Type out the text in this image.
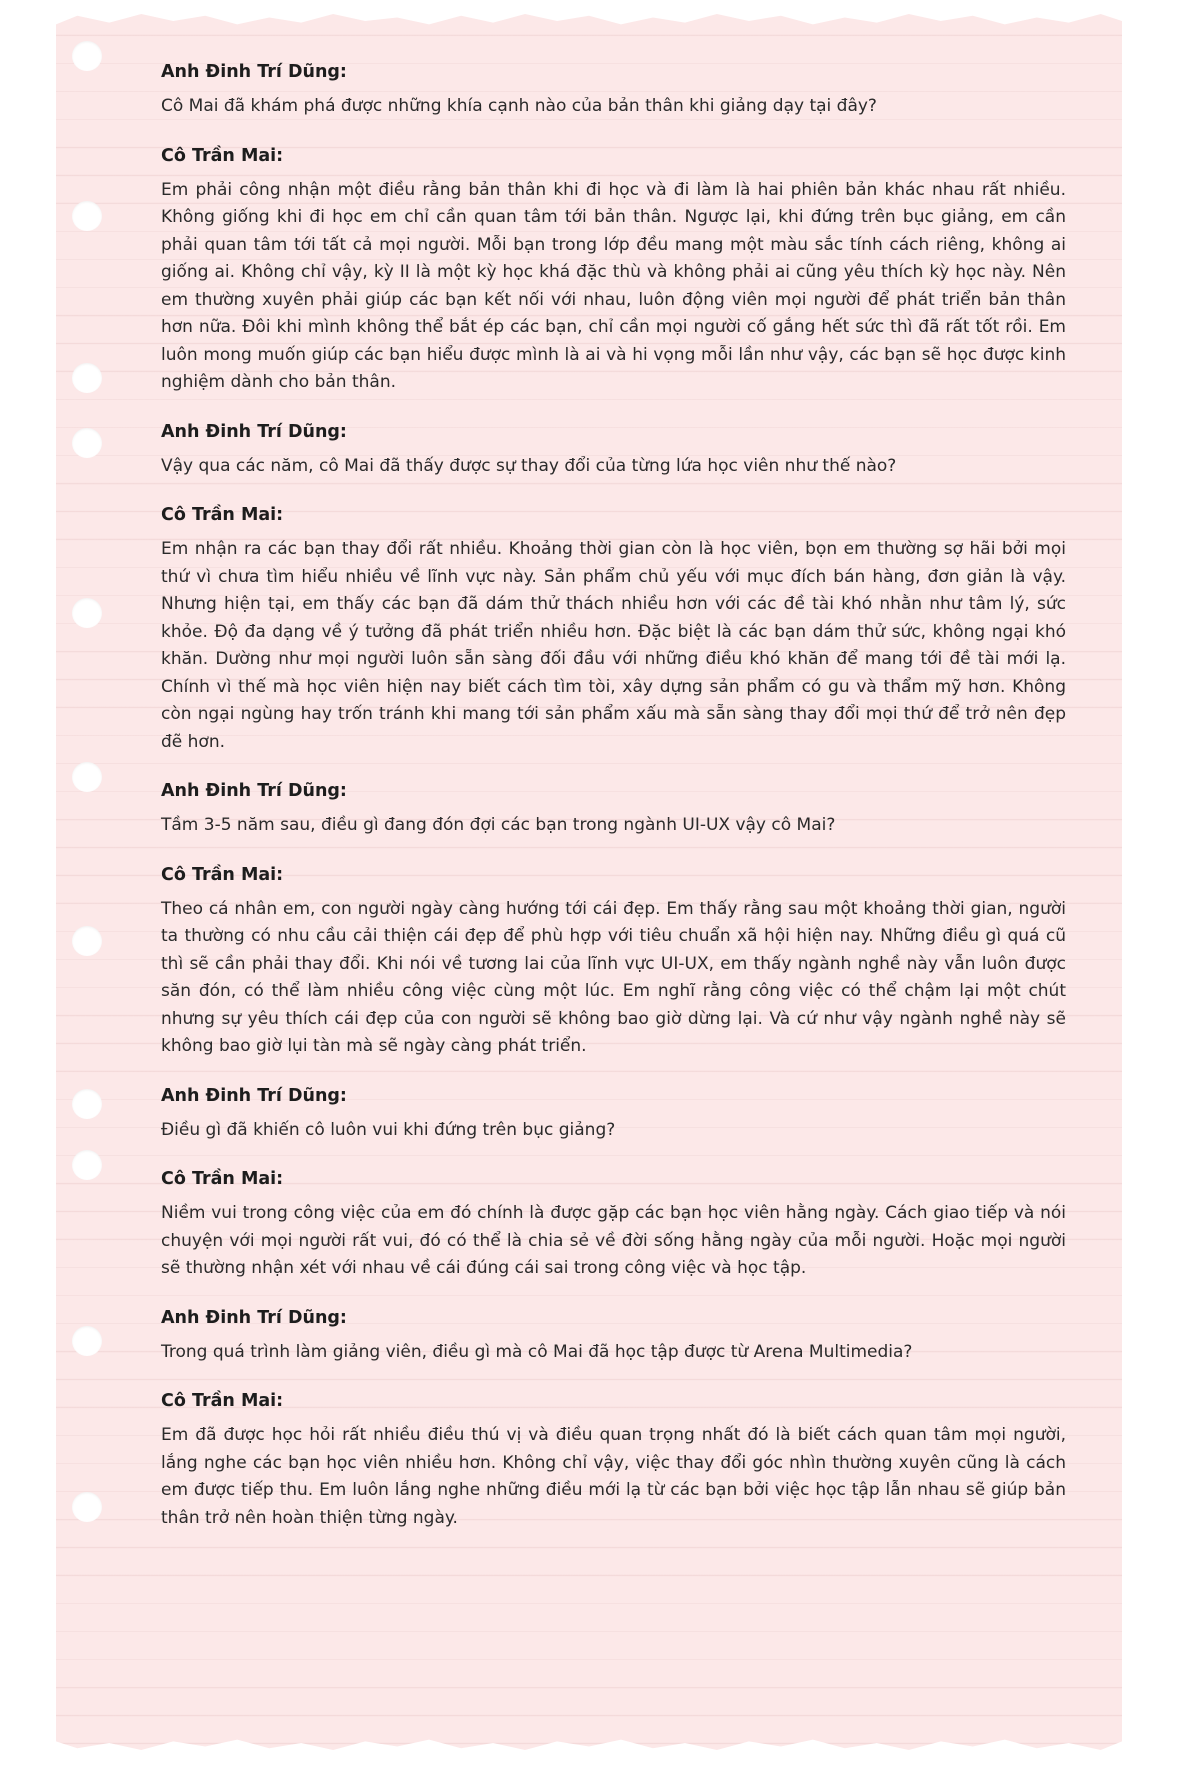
Anh Đinh Trí Dũng:

Cô Mai đã khám phá được những khía cạnh nào của bản thân khi giảng dạy tại đây?

Cô Trần Mai:

Em phải công nhận một điều rằng bản thân khi đi học và đi làm là hai phiên bản khác nhau rất nhiều. Không giống khi đi học em chỉ cần quan tâm tới bản thân. Ngược lại, khi đứng trên bục giảng, em cần phải quan tâm tới tất cả mọi người. Mỗi bạn trong lớp đều mang một màu sắc tính cách riêng, không ai giống ai. Không chỉ vậy, kỳ II là một kỳ học khá đặc thù và không phải ai cũng yêu thích kỳ học này. Nên em thường xuyên phải giúp các bạn kết nối với nhau, luôn động viên mọi người để phát triển bản thân hơn nữa. Đôi khi mình không thể bắt ép các bạn, chỉ cần mọi người cố gắng hết sức thì đã rất tốt rồi. Em luôn mong muốn giúp các bạn hiểu được mình là ai và hi vọng mỗi lần như vậy, các bạn sẽ học được kinh nghiệm dành cho bản thân.

Anh Đinh Trí Dũng:

Vậy qua các năm, cô Mai đã thấy được sự thay đổi của từng lứa học viên như thế nào?

Cô Trần Mai:

Em nhận ra các bạn thay đổi rất nhiều. Khoảng thời gian còn là học viên, bọn em thường sợ hãi bởi mọi thứ vì chưa tìm hiểu nhiều về lĩnh vực này. Sản phẩm chủ yếu với mục đích bán hàng, đơn giản là vậy. Nhưng hiện tại, em thấy các bạn đã dám thử thách nhiều hơn với các đề tài khó nhằn như tâm lý, sức khỏe. Độ đa dạng về ý tưởng đã phát triển nhiều hơn. Đặc biệt là các bạn dám thử sức, không ngại khó khăn. Dường như mọi người luôn sẵn sàng đối đầu với những điều khó khăn để mang tới đề tài mới lạ. Chính vì thế mà học viên hiện nay biết cách tìm tòi, xây dựng sản phẩm có gu và thẩm mỹ hơn. Không còn ngại ngùng hay trốn tránh khi mang tới sản phẩm xấu mà sẵn sàng thay đổi mọi thứ để trở nên đẹp đẽ hơn.

Anh Đinh Trí Dũng:

Tầm 3-5 năm sau, điều gì đang đón đợi các bạn trong ngành UI-UX vậy cô Mai?

Cô Trần Mai:

Theo cá nhân em, con người ngày càng hướng tới cái đẹp. Em thấy rằng sau một khoảng thời gian, người ta thường có nhu cầu cải thiện cái đẹp để phù hợp với tiêu chuẩn xã hội hiện nay. Những điều gì quá cũ thì sẽ cần phải thay đổi. Khi nói về tương lai của lĩnh vực UI-UX, em thấy ngành nghề này vẫn luôn được săn đón, có thể làm nhiều công việc cùng một lúc. Em nghĩ rằng công việc có thể chậm lại một chút nhưng sự yêu thích cái đẹp của con người sẽ không bao giờ dừng lại. Và cứ như vậy ngành nghề này sẽ không bao giờ lụi tàn mà sẽ ngày càng phát triển.

Anh Đinh Trí Dũng:

Điều gì đã khiến cô luôn vui khi đứng trên bục giảng?

Cô Trần Mai:

Niềm vui trong công việc của em đó chính là được gặp các bạn học viên hằng ngày. Cách giao tiếp và nói chuyện với mọi người rất vui, đó có thể là chia sẻ về đời sống hằng ngày của mỗi người. Hoặc mọi người sẽ thường nhận xét với nhau về cái đúng cái sai trong công việc và học tập.

Anh Đinh Trí Dũng:

Trong quá trình làm giảng viên, điều gì mà cô Mai đã học tập được từ Arena Multimedia?

Cô Trần Mai:

Em đã được học hỏi rất nhiều điều thú vị và điều quan trọng nhất đó là biết cách quan tâm mọi người, lắng nghe các bạn học viên nhiều hơn. Không chỉ vậy, việc thay đổi góc nhìn thường xuyên cũng là cách em được tiếp thu. Em luôn lắng nghe những điều mới lạ từ các bạn bởi việc học tập lẫn nhau sẽ giúp bản thân trở nên hoàn thiện từng ngày.
